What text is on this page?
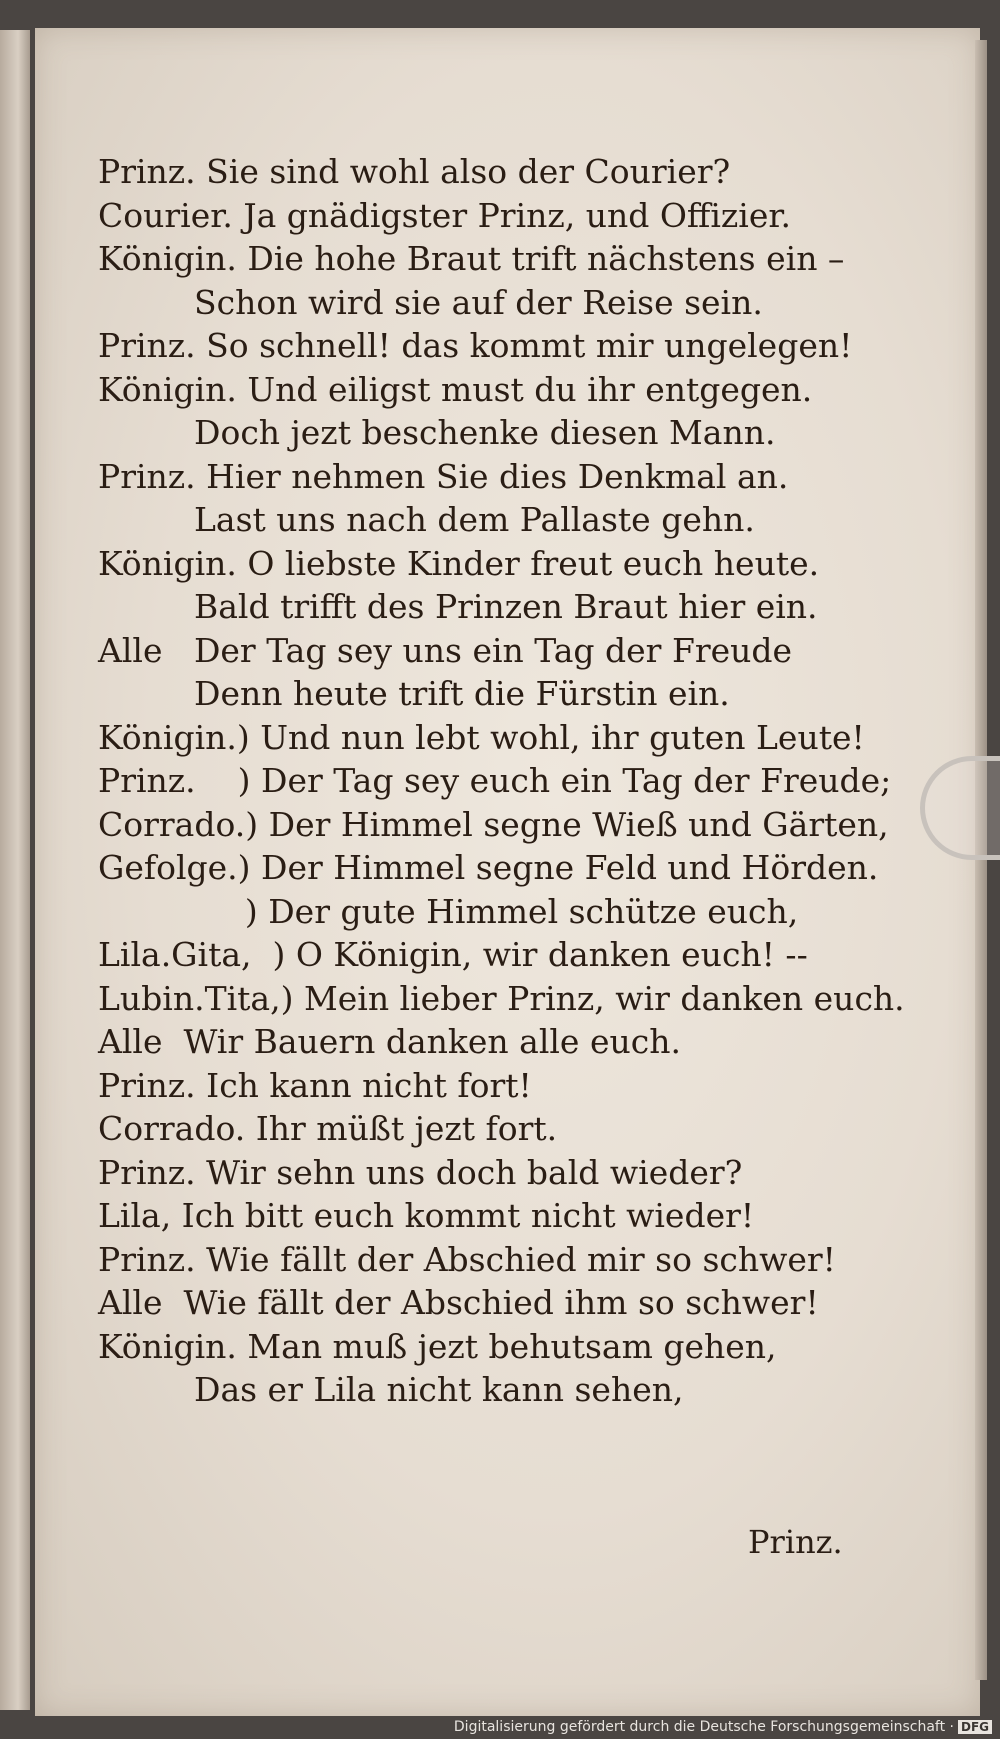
Prinz. Sie sind wohl also der Courier?
Courier. Ja gnädigster Prinz, und Offizier.
Königin. Die hohe Braut trift nächstens ein –
Schon wird sie auf der Reise sein.
Prinz. So schnell! das kommt mir ungelegen!
Königin. Und eiligst must du ihr entgegen.
Doch jezt beschenke diesen Mann.
Prinz. Hier nehmen Sie dies Denkmal an.
Last uns nach dem Pallaste gehn.
Königin. O liebste Kinder freut euch heute.
Bald trifft des Prinzen Braut hier ein.
Alle   Der Tag sey uns ein Tag der Freude
Denn heute trift die Fürstin ein.
Königin.) Und nun lebt wohl, ihr guten Leute!
Prinz.    ) Der Tag sey euch ein Tag der Freude;
Corrado.) Der Himmel segne Wieß und Gärten,
Gefolge.) Der Himmel segne Feld und Hörden.
) Der gute Himmel schütze euch,
Lila.Gita,  ) O Königin, wir danken euch! --
Lubin.Tita,) Mein lieber Prinz, wir danken euch.
Alle  Wir Bauern danken alle euch.
Prinz. Ich kann nicht fort!
Corrado. Ihr müßt jezt fort.
Prinz. Wir sehn uns doch bald wieder?
Lila, Ich bitt euch kommt nicht wieder!
Prinz. Wie fällt der Abschied mir so schwer!
Alle  Wie fällt der Abschied ihm so schwer!
Königin. Man muß jezt behutsam gehen,
Das er Lila nicht kann sehen,
Prinz.
Digitalisierung gefördert durch die Deutsche Forschungsgemeinschaft · DFG
